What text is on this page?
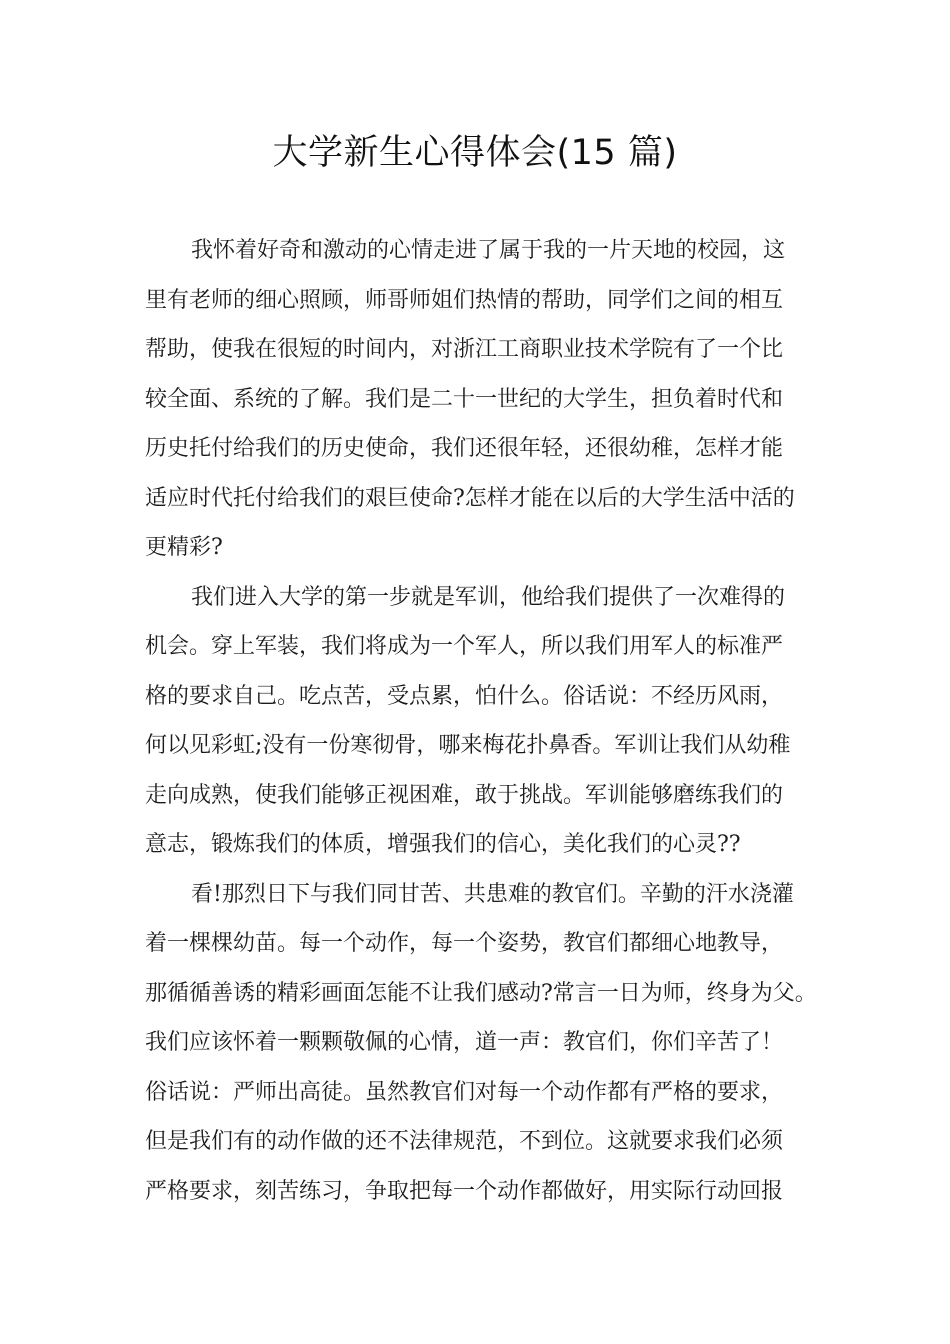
大学新生心得体会(15 篇)
我怀着好奇和激动的心情走进了属于我的一片天地的校园，这
里有老师的细心照顾，师哥师姐们热情的帮助，同学们之间的相互
帮助，使我在很短的时间内，对浙江工商职业技术学院有了一个比
较全面、系统的了解。我们是二十一世纪的大学生，担负着时代和
历史托付给我们的历史使命，我们还很年轻，还很幼稚，怎样才能
适应时代托付给我们的艰巨使命?怎样才能在以后的大学生活中活的
更精彩?
我们进入大学的第一步就是军训，他给我们提供了一次难得的
机会。穿上军装，我们将成为一个军人，所以我们用军人的标准严
格的要求自己。吃点苦，受点累，怕什么。俗话说：不经历风雨，
何以见彩虹;没有一份寒彻骨，哪来梅花扑鼻香。军训让我们从幼稚
走向成熟，使我们能够正视困难，敢于挑战。军训能够磨练我们的
意志，锻炼我们的体质，增强我们的信心，美化我们的心灵??
看!那烈日下与我们同甘苦、共患难的教官们。辛勤的汗水浇灌
着一棵棵幼苗。每一个动作，每一个姿势，教官们都细心地教导，
那循循善诱的精彩画面怎能不让我们感动?常言一日为师，终身为父。
我们应该怀着一颗颗敬佩的心情，道一声：教官们，你们辛苦了！
俗话说：严师出高徒。虽然教官们对每一个动作都有严格的要求，
但是我们有的动作做的还不法律规范，不到位。这就要求我们必须
严格要求，刻苦练习，争取把每一个动作都做好，用实际行动回报
